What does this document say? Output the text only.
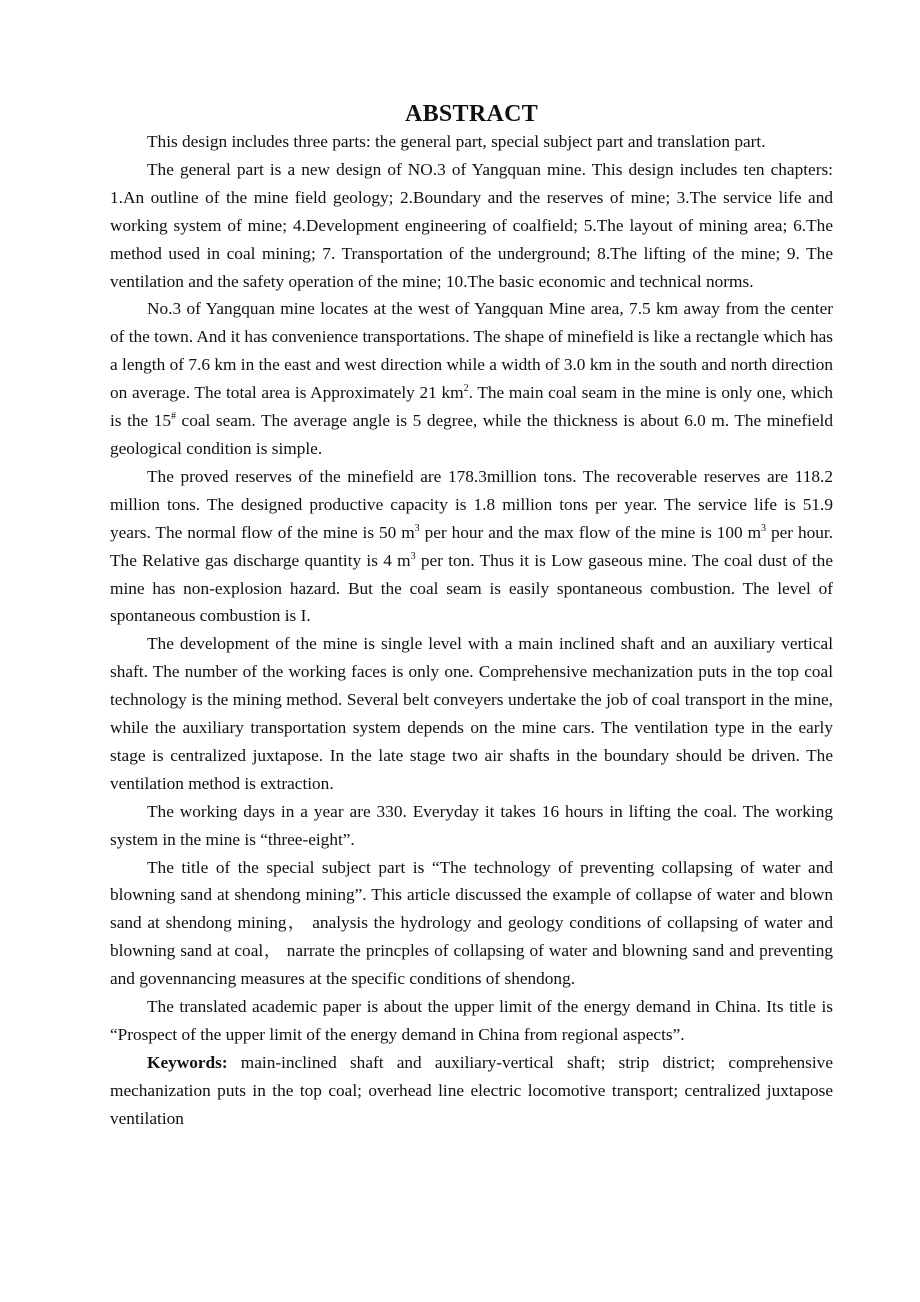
ABSTRACT

This design includes three parts: the general part, special subject part and translation part.

The general part is a new design of NO.3 of Yangquan mine. This design includes ten chapters: 1.An outline of the mine field geology; 2.Boundary and the reserves of mine; 3.The service life and working system of mine; 4.Development engineering of coalfield; 5.The layout of mining area; 6.The method used in coal mining; 7. Transportation of the underground; 8.The lifting of the mine; 9. The ventilation and the safety operation of the mine; 10.The basic economic and technical norms.

No.3 of Yangquan mine locates at the west of Yangquan Mine area, 7.5 km away from the center of the town. And it has convenience transportations. The shape of minefield is like a rectangle which has a length of 7.6 km in the east and west direction while a width of 3.0 km in the south and north direction on average. The total area is Approximately 21 $km^2$. The main coal seam in the mine is only one, which is the 15# coal seam. The average angle is 5 degree, while the thickness is about 6.0 m. The minefield geological condition is simple.

The proved reserves of the minefield are 178.3million tons. The recoverable reserves are 118.2 million tons. The designed productive capacity is 1.8 million tons per year. The service life is 51.9 years. The normal flow of the mine is 50 $m^3$ per hour and the max flow of the mine is 100 $m^3$ per hour. The Relative gas discharge quantity is 4 $m^3$ per ton. Thus it is Low gaseous mine. The coal dust of the mine has non-explosion hazard. But the coal seam is easily spontaneous combustion. The level of spontaneous combustion is I.

The development of the mine is single level with a main inclined shaft and an auxiliary vertical shaft. The number of the working faces is only one. Comprehensive mechanization puts in the top coal technology is the mining method. Several belt conveyers undertake the job of coal transport in the mine, while the auxiliary transportation system depends on the mine cars. The ventilation type in the early stage is centralized juxtapose. In the late stage two air shafts in the boundary should be driven. The ventilation method is extraction.

The working days in a year are 330. Everyday it takes 16 hours in lifting the coal. The working system in the mine is “three-eight”.

The title of the special subject part is “The technology of preventing collapsing of water and blowning sand at shendong mining”. This article discussed the example of collapse of water and blown sand at shendong mining， analysis the hydrology and geology conditions of collapsing of water and blowning sand at coal， narrate the princples of collapsing of water and blowning sand and preventing and govennancing measures at the specific conditions of shendong.

The translated academic paper is about the upper limit of the energy demand in China. Its title is “Prospect of the upper limit of the energy demand in China from regional aspects”.

Keywords: main-inclined shaft and auxiliary-vertical shaft; strip district; comprehensive mechanization puts in the top coal; overhead line electric locomotive transport; centralized juxtapose ventilation
